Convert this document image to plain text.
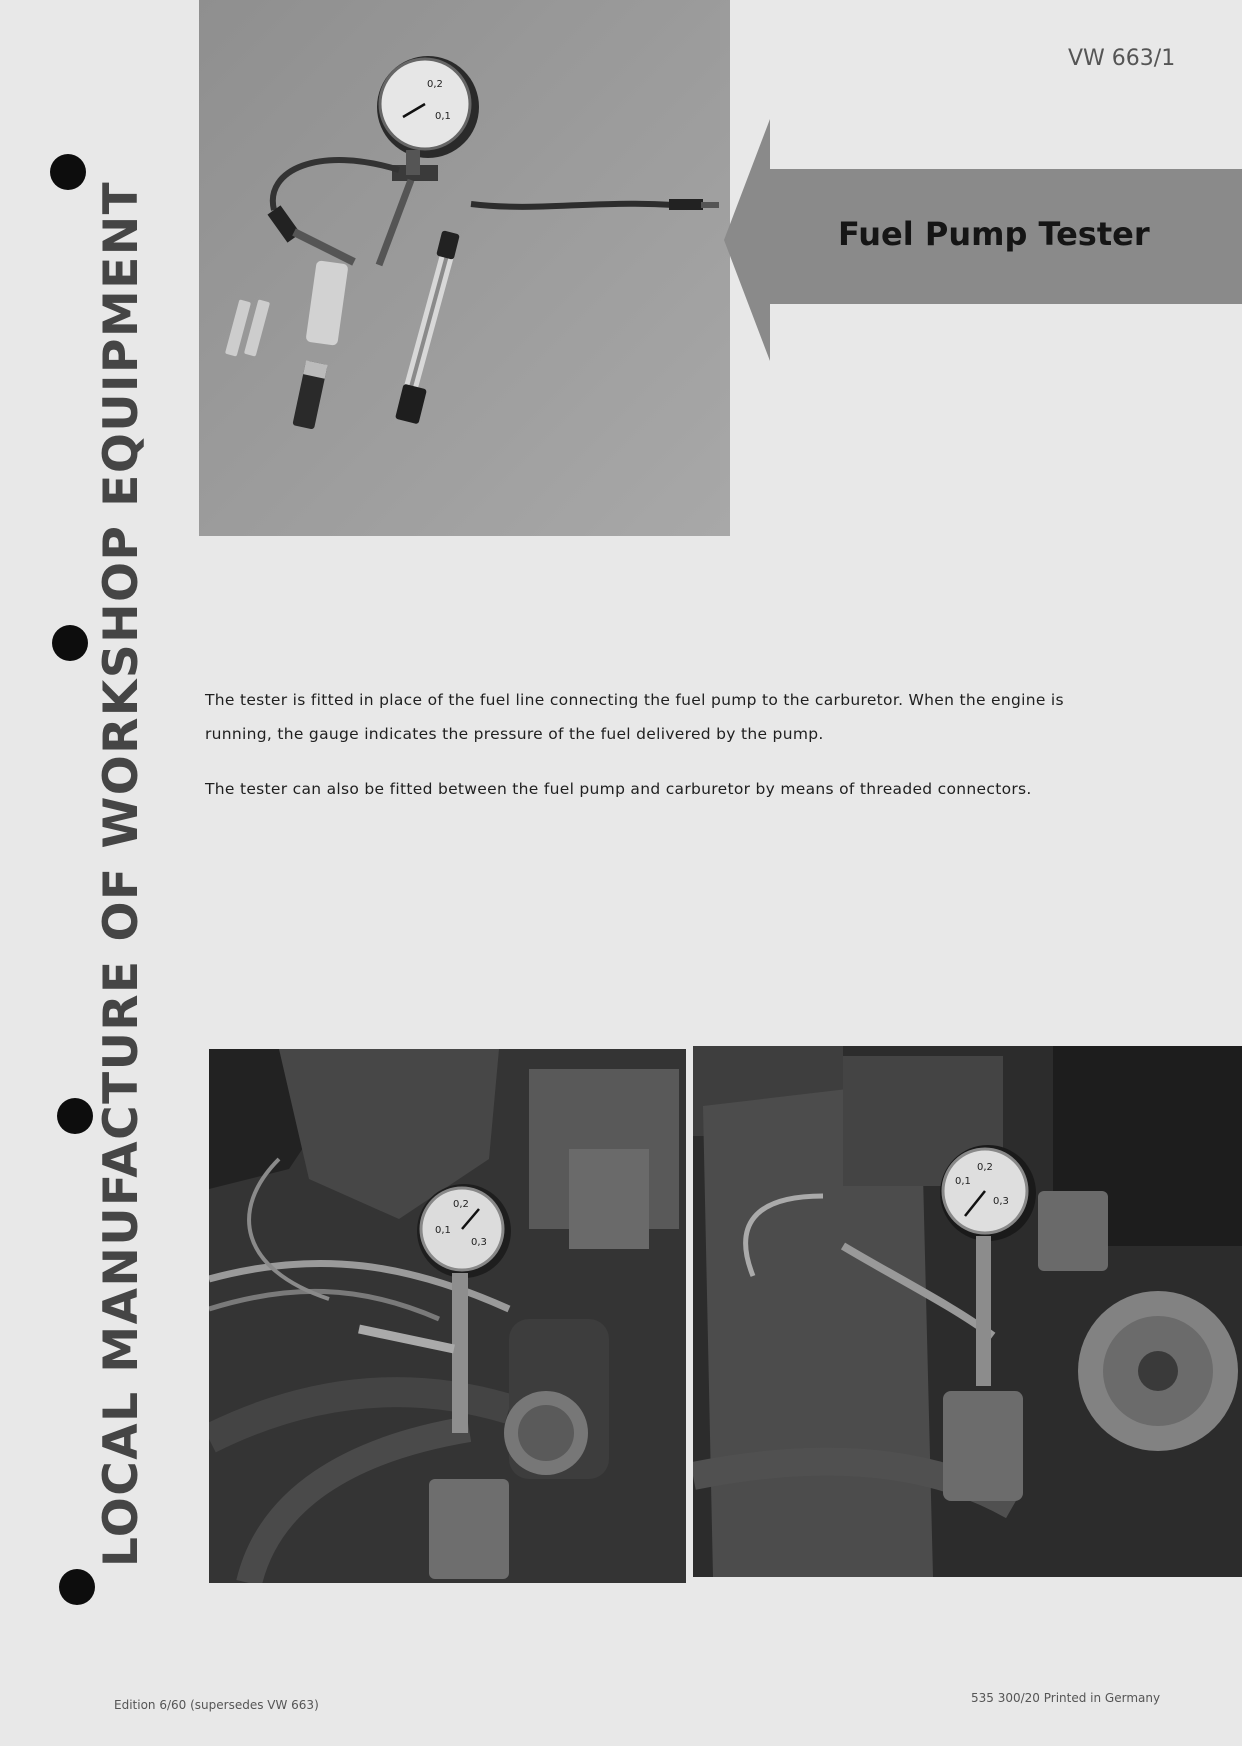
LOCAL MANUFACTURE OF WORKSHOP EQUIPMENT
VW 663/1
0,2
0,1
Fuel Pump Tester

The tester is fitted in place of the fuel line connecting the fuel pump to the carburetor. When the engine is running, the gauge indicates the pressure of the fuel delivered by the pump.

The tester can also be fitted between the fuel pump and carburetor by means of threaded connectors.

0,2
0,1
0,3
0,2
0,1
0,3
Edition 6/60 (supersedes VW 663)	535 300/20 Printed in Germany
